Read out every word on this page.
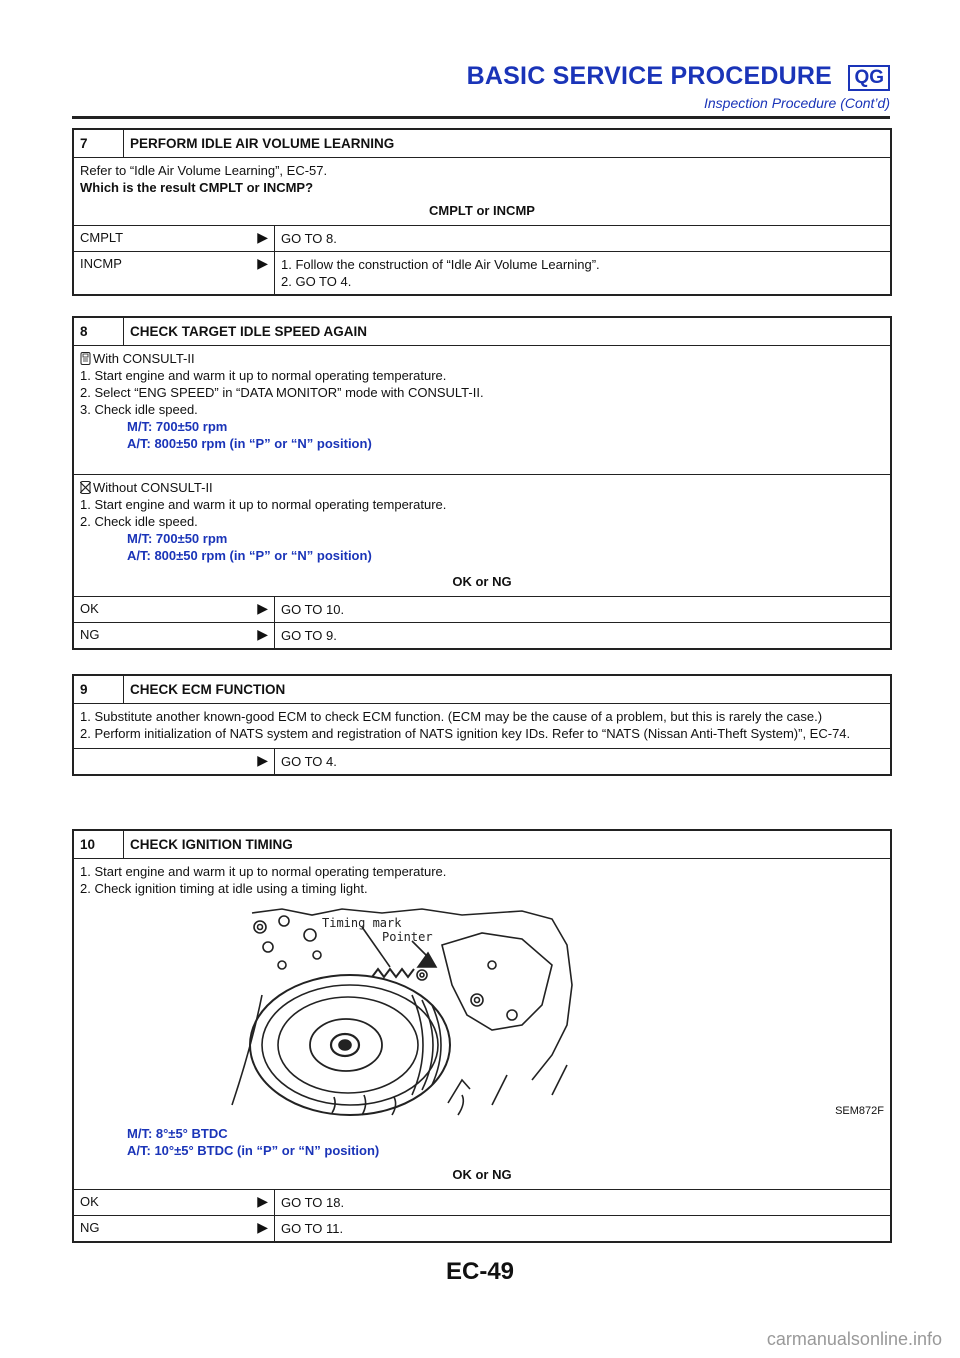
BASIC SERVICE PROCEDURE	QG
Inspection Procedure (Cont’d)
7	PERFORM IDLE AIR VOLUME LEARNING

Refer to “Idle Air Volume Learning”, EC-57.

Which is the result CMPLT or INCMP?

CMPLT or INCMP

CMPLT	▶	GO TO 8.
INCMP	▶ 1. Follow the construction of “Idle Air Volume Learning”.
2. GO TO 4.
8	CHECK TARGET IDLE SPEED AGAIN

With CONSULT-II

1. Start engine and warm it up to normal operating temperature.

2. Select “ENG SPEED” in “DATA MONITOR” mode with CONSULT-II.

3. Check idle speed.

M/T: 700±50 rpm

A/T: 800±50 rpm (in “P” or “N” position)

Without CONSULT-II

1. Start engine and warm it up to normal operating temperature.

2. Check idle speed.

M/T: 700±50 rpm

A/T: 800±50 rpm (in “P” or “N” position)

OK or NG

OK	▶	GO TO 10.
NG	▶	GO TO 9.
9	CHECK ECM FUNCTION

1. Substitute another known-good ECM to check ECM function. (ECM may be the cause of a problem, but this is rarely the case.)

2. Perform initialization of NATS system and registration of NATS ignition key IDs. Refer to “NATS (Nissan Anti-Theft System)”, EC-74.

▶	GO TO 4.
10	CHECK IGNITION TIMING

1. Start engine and warm it up to normal operating temperature.

2. Check ignition timing at idle using a timing light.

Timing mark
Pointer
SEM872F

M/T: 8°±5° BTDC

A/T: 10°±5° BTDC (in “P” or “N” position)

OK or NG

OK	▶	GO TO 18.
NG	▶	GO TO 11.
EC-49
carmanualsonline.info
